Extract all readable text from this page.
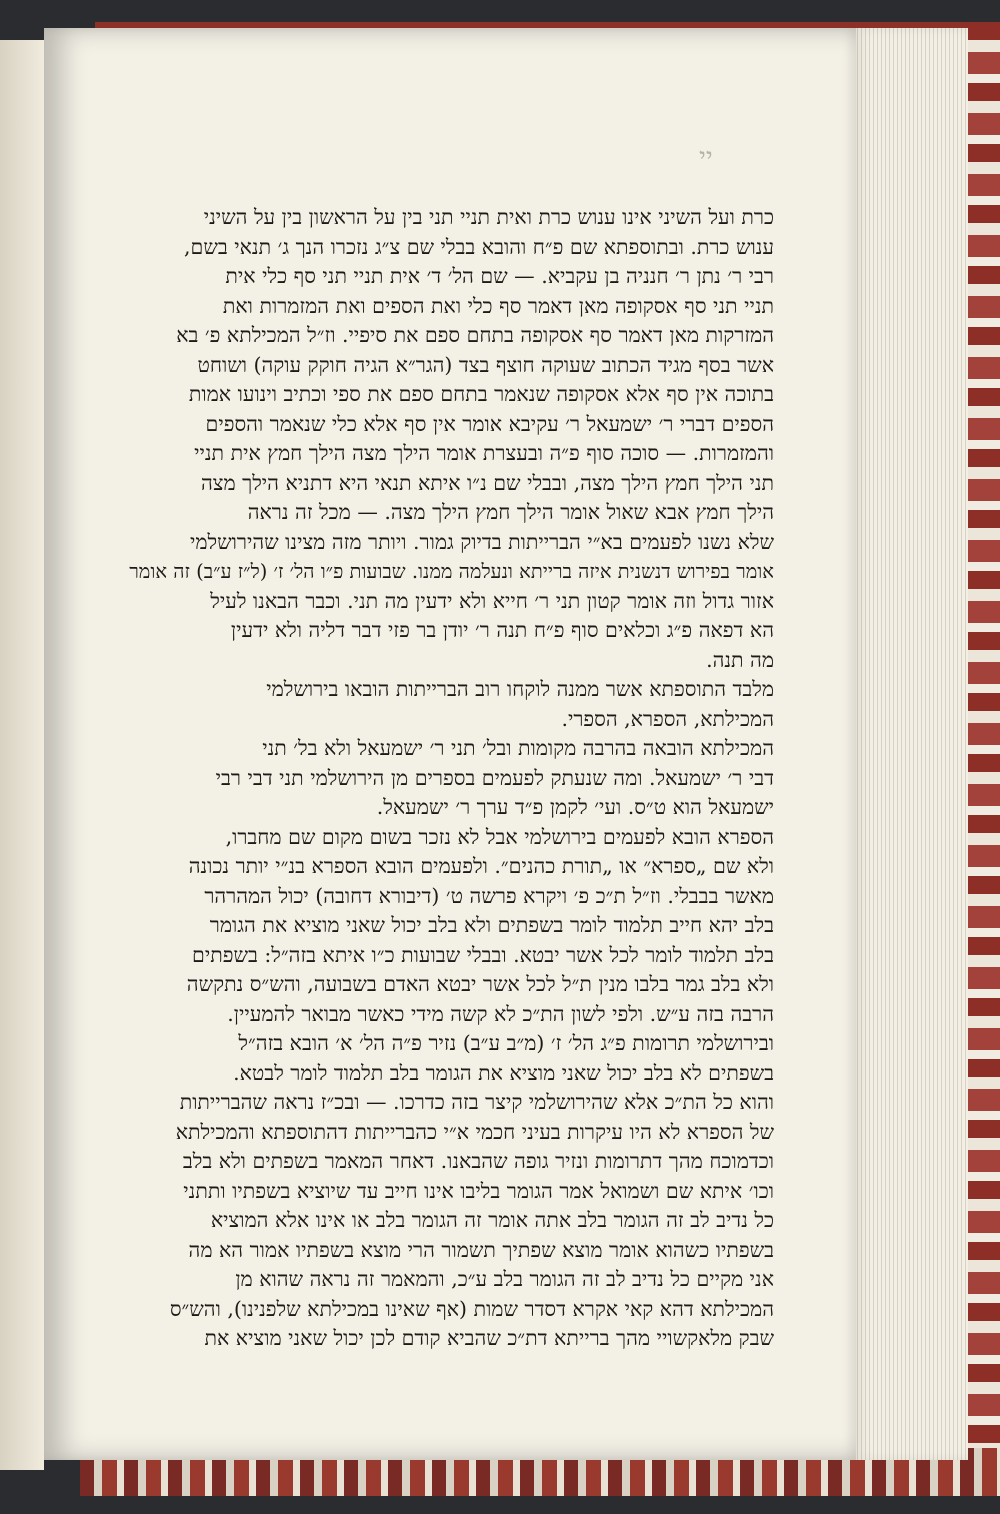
יי
כרת ועל השיני אינו ענוש כרת ואית תניי תני בין על הראשון בין על השיני
ענוש כרת. ובתוספתא שם פ״ח והובא בבלי שם צ״ג נזכרו הנך ג׳ תנאי בשם,
רבי ר׳ נתן ר׳ חנניה בן עקביא. — שם הל׳ ד׳ אית תניי תני סף כלי אית
תניי תני סף אסקופה מאן דאמר סף כלי ואת הספים ואת המזמרות ואת
המזרקות מאן דאמר סף אסקופה בתחם ספם את סיפיי. וז״ל המכילתא פ׳ בא
אשר בסף מגיד הכתוב שעוקה חוצף בצד (הגר״א הגיה חוקק עוקה) ושוחט
בתוכה אין סף אלא אסקופה שנאמר בתחם ספם את ספי וכתיב וינועו אמות
הספים דברי ר׳ ישמעאל ר׳ עקיבא אומר אין סף אלא כלי שנאמר והספים
והמזמרות. — סוכה סוף פ״ה ובעצרת אומר הילך מצה הילך חמץ אית תניי
תני הילך חמץ הילך מצה, ובבלי שם נ״ו איתא תנאי היא דתניא הילך מצה
הילך חמץ אבא שאול אומר הילך חמץ הילך מצה. — מכל זה נראה
שלא נשנו לפעמים בא״י הברייתות בדיוק גמור. ויותר מזה מצינו שהירושלמי
אומר בפירוש דנשנית איזה ברייתא ונעלמה ממנו. שבועות פ״ו הל׳ ז׳ (ל״ז ע״ב) זה אומר
אזור גדול וזה אומר קטון תני ר׳ חייא ולא ידעין מה תני. וכבר הבאנו לעיל
הא דפאה פ״ג וכלאים סוף פ״ח תנה ר׳ יודן בר פזי דבר דליה ולא ידעין
מה תנה.
מלבד התוספתא אשר ממנה לוקחו רוב הברייתות הובאו בירושלמי
המכילתא, הספרא, הספרי.
המכילתא הובאה בהרבה מקומות ובל׳ תני ר׳ ישמעאל ולא בל׳ תני
דבי ר׳ ישמעאל. ומה שנעתק לפעמים בספרים מן הירושלמי תני דבי רבי
ישמעאל הוא ט״ס. ועי׳ לקמן פ״ד ערך ר׳ ישמעאל.
הספרא הובא לפעמים בירושלמי אבל לא נזכר בשום מקום שם מחברו,
ולא שם „ספרא״ או „תורת כהנים״. ולפעמים הובא הספרא בנ״י יותר נכונה
מאשר בבבלי. וז״ל ת״כ פ׳ ויקרא פרשה ט׳ (דיבורא דחובה) יכול המהרהר
בלב יהא חייב תלמוד לומר בשפתים ולא בלב יכול שאני מוציא את הגומר
בלב תלמוד לומר לכל אשר יבטא. ובבלי שבועות כ״ו איתא בזה״ל: בשפתים
ולא בלב גמר בלבו מנין ת״ל לכל אשר יבטא האדם בשבועה, והש״ס נתקשה
הרבה בזה ע״ש. ולפי לשון הת״כ לא קשה מידי כאשר מבואר להמעיין.
ובירושלמי תרומות פ״ג הל׳ ז׳ (מ״ב ע״ב) נזיר פ״ה הל׳ א׳ הובא בזה״ל
בשפתים לא בלב יכול שאני מוציא את הגומר בלב תלמוד לומר לבטא.
והוא כל הת״כ אלא שהירושלמי קיצר בזה כדרכו. — ובכ״ז נראה שהברייתות
של הספרא לא היו עיקרות בעיני חכמי א״י כהברייתות דהתוספתא והמכילתא
וכדמוכח מהך דתרומות ונזיר גופה שהבאנו. דאחר המאמר בשפתים ולא בלב
וכו׳ איתא שם ושמואל אמר הגומר בליבו אינו חייב עד שיוציא בשפתיו ותתני
כל נדיב לב זה הגומר בלב אתה אומר זה הגומר בלב או אינו אלא המוציא
בשפתיו כשהוא אומר מוצא שפתיך תשמור הרי מוצא בשפתיו אמור הא מה
אני מקיים כל נדיב לב זה הגומר בלב ע״כ, והמאמר זה נראה שהוא מן
המכילתא דהא קאי אקרא דסדר שמות (אף שאינו במכילתא שלפנינו), והש״ס
שבק מלאקשויי מהך ברייתא דת״כ שהביא קודם לכן יכול שאני מוציא את
